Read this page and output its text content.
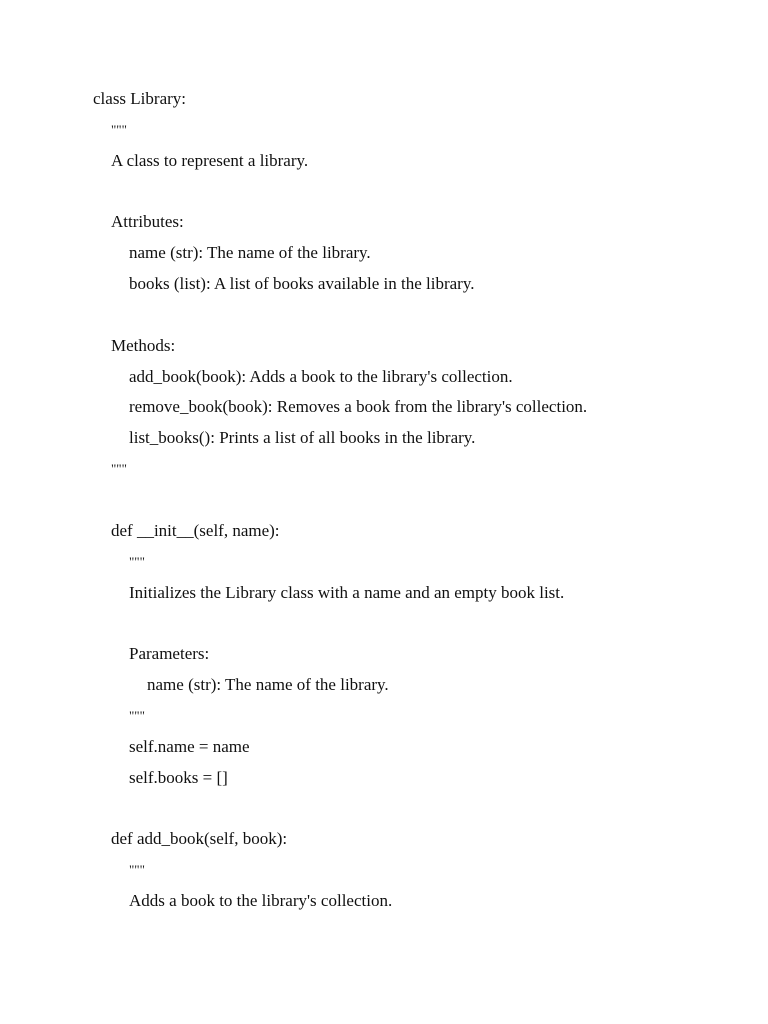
class Library:
"""
A class to represent a library.
Attributes:
name (str): The name of the library.
books (list): A list of books available in the library.
Methods:
add_book(book): Adds a book to the library's collection.
remove_book(book): Removes a book from the library's collection.
list_books(): Prints a list of all books in the library.
"""
def __init__(self, name):
"""
Initializes the Library class with a name and an empty book list.
Parameters:
name (str): The name of the library.
"""
self.name = name
self.books = []
def add_book(self, book):
"""
Adds a book to the library's collection.
